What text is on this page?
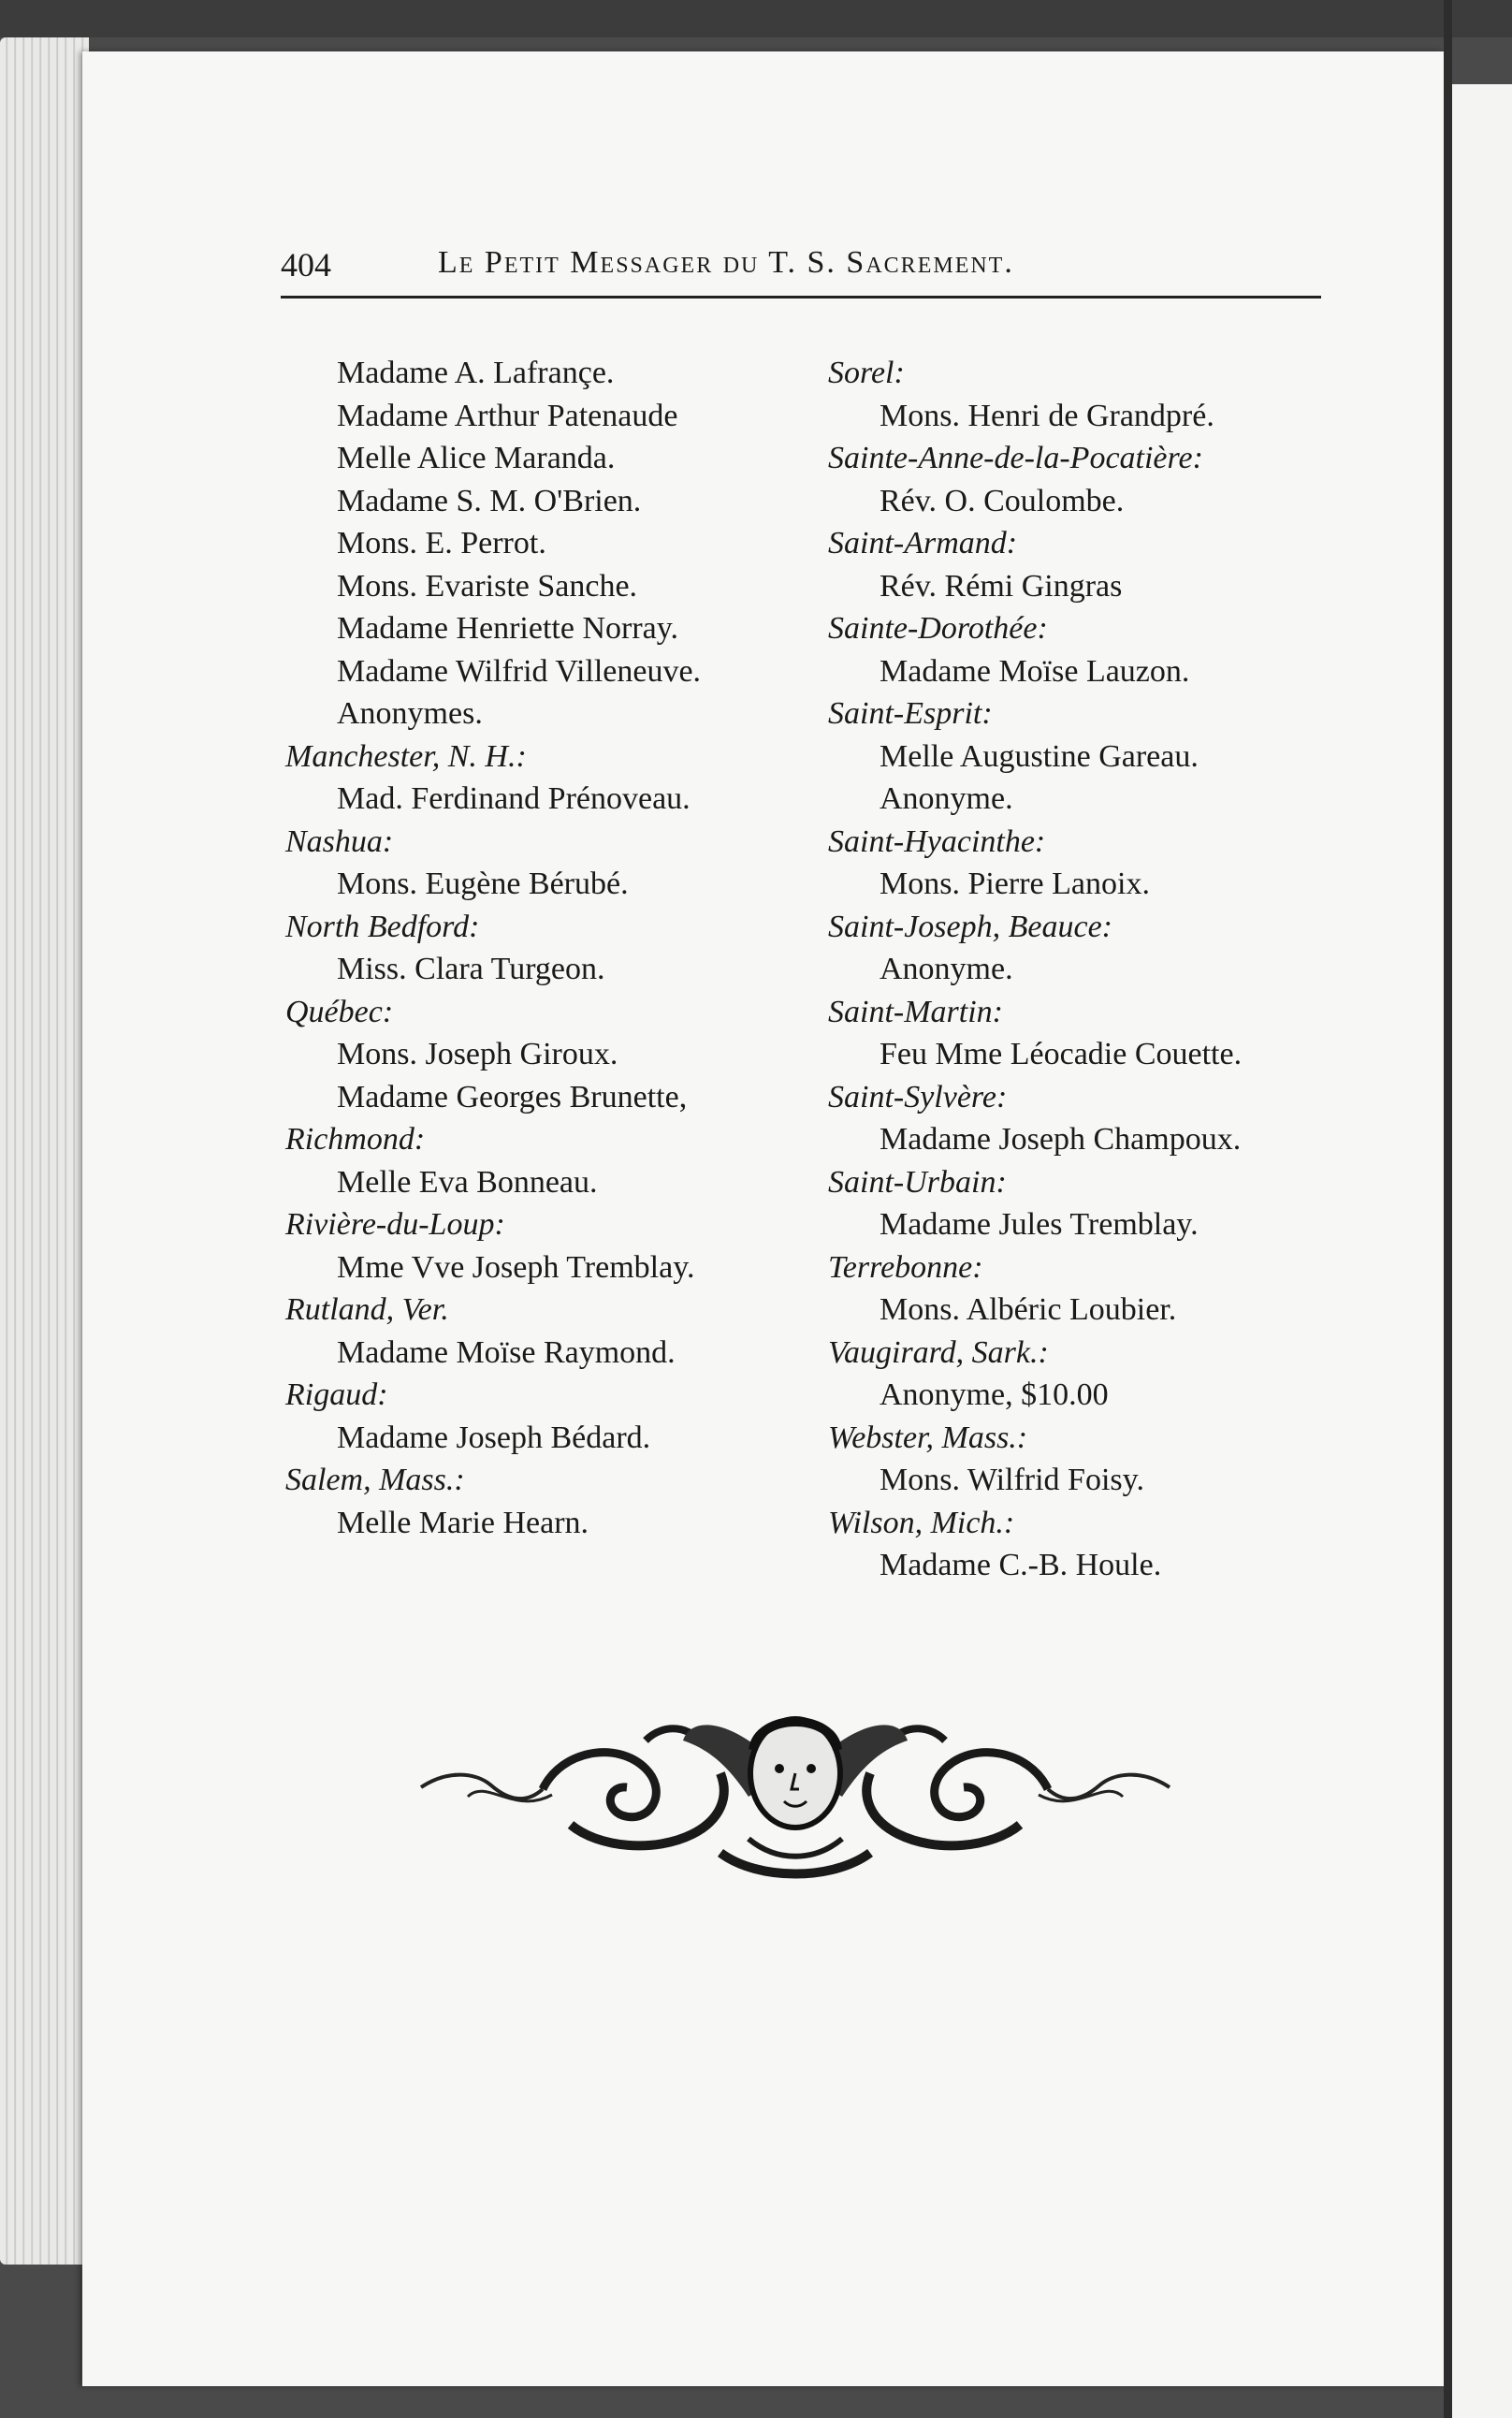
404	Le Petit Messager du T. S. Sacrement.
Madame A. Lafrançe.
Madame Arthur Patenaude
Melle Alice Maranda.
Madame S. M. O'Brien.
Mons. E. Perrot.
Mons. Evariste Sanche.
Madame Henriette Norray.
Madame Wilfrid Villeneuve.
Anonymes.
Manchester, N. H.:
Mad. Ferdinand Prénoveau.
Nashua:
Mons. Eugène Bérubé.
North Bedford:
Miss. Clara Turgeon.
Québec:
Mons. Joseph Giroux.
Madame Georges Brunette,
Richmond:
Melle Eva Bonneau.
Rivière-du-Loup:
Mme Vve Joseph Tremblay.
Rutland, Ver.
Madame Moïse Raymond.
Rigaud:
Madame Joseph Bédard.
Salem, Mass.:
Melle Marie Hearn.
Sorel:
Mons. Henri de Grandpré.
Sainte-Anne-de-la-Pocatière:
Rév. O. Coulombe.
Saint-Armand:
Rév. Rémi Gingras
Sainte-Dorothée:
Madame Moïse Lauzon.
Saint-Esprit:
Melle Augustine Gareau.
Anonyme.
Saint-Hyacinthe:
Mons. Pierre Lanoix.
Saint-Joseph, Beauce:
Anonyme.
Saint-Martin:
Feu Mme Léocadie Couette.
Saint-Sylvère:
Madame Joseph Champoux.
Saint-Urbain:
Madame Jules Tremblay.
Terrebonne:
Mons. Albéric Loubier.
Vaugirard, Sark.:
Anonyme, $10.00
Webster, Mass.:
Mons. Wilfrid Foisy.
Wilson, Mich.:
Madame C.-B. Houle.
